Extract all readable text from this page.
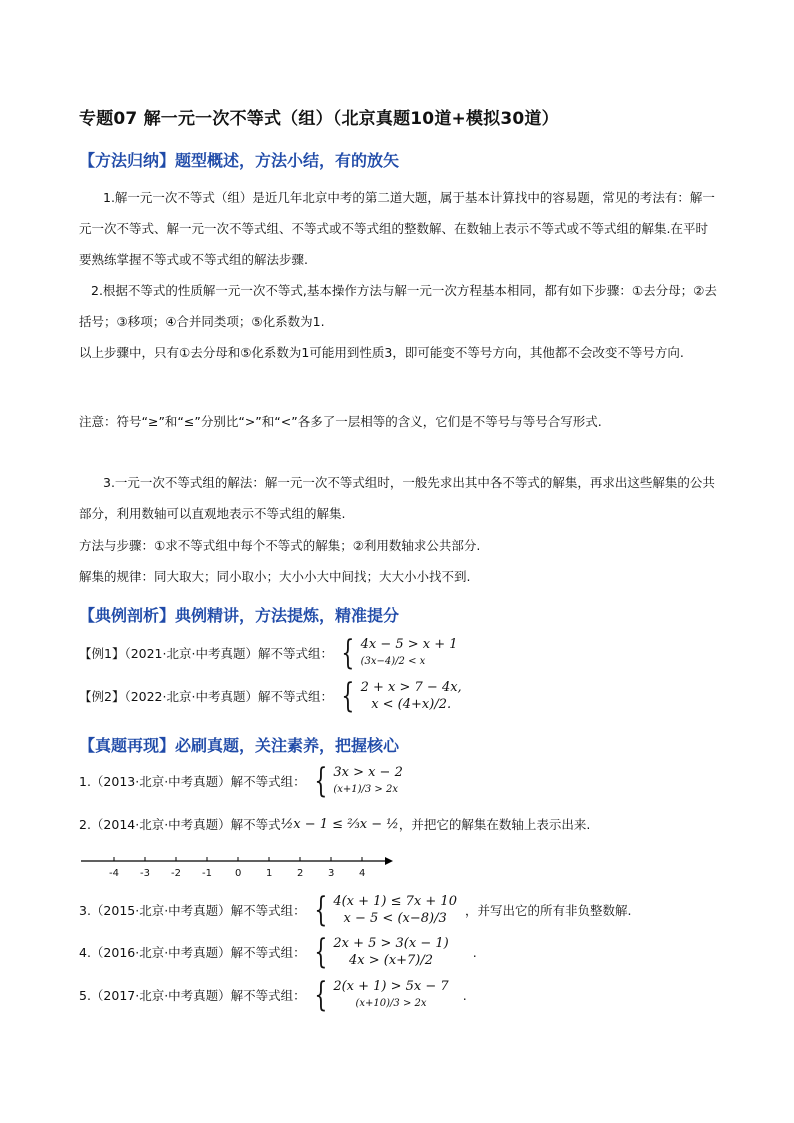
专题07 解一元一次不等式（组）（北京真题10道+模拟30道）
【方法归纳】题型概述，方法小结，有的放矢
1.解一元一次不等式（组）是近几年北京中考的第二道大题，属于基本计算找中的容易题，常见的考法有：解一元一次不等式、解一元一次不等式组、不等式或不等式组的整数解、在数轴上表示不等式或不等式组的解集.在平时要熟练掌握不等式或不等式组的解法步骤.
2.根据不等式的性质解一元一次不等式,基本操作方法与解一元一次方程基本相同，都有如下步骤：①去分母；②去括号；③移项；④合并同类项；⑤化系数为1.
以上步骤中，只有①去分母和⑤化系数为1可能用到性质3，即可能变不等号方向，其他都不会改变不等号方向.
注意：符号“≥”和“≤”分别比“>”和“<”各多了一层相等的含义，它们是不等号与等号合写形式.
3.一元一次不等式组的解法：解一元一次不等式组时，一般先求出其中各不等式的解集，再求出这些解集的公共部分，利用数轴可以直观地表示不等式组的解集.
方法与步骤：①求不等式组中每个不等式的解集；②利用数轴求公共部分.
解集的规律：同大取大；同小取小；大小小大中间找；大大小小找不到.
【典例剖析】典例精讲，方法提炼，精准提分
【例1】（2021·北京·中考真题）解不等式组： { 4x − 5 > x + 1
(3x−4)/2 < x
【例2】（2022·北京·中考真题）解不等式组： { 2 + x > 7 − 4x,
x < (4+x)/2.
【真题再现】必刷真题，关注素养，把握核心
1.（2013·北京·中考真题）解不等式组： { 3x > x − 2
(x+1)/3 > 2x
2.（2014·北京·中考真题）解不等式 ½x − 1 ≤ ⅔x − ½ ，并把它的解集在数轴上表示出来.
-4 -3 -2 -1 0 1 2 3 4
3.（2015·北京·中考真题）解不等式组： { 4(x + 1) ≤ 7x + 10
x − 5 < (x−8)/3
，并写出它的所有非负整数解.
4.（2016·北京·中考真题）解不等式组： { 2x + 5 > 3(x − 1)
4x > (x+7)/2
.
5.（2017·北京·中考真题）解不等式组： { 2(x + 1) > 5x − 7
(x+10)/3 > 2x
.
